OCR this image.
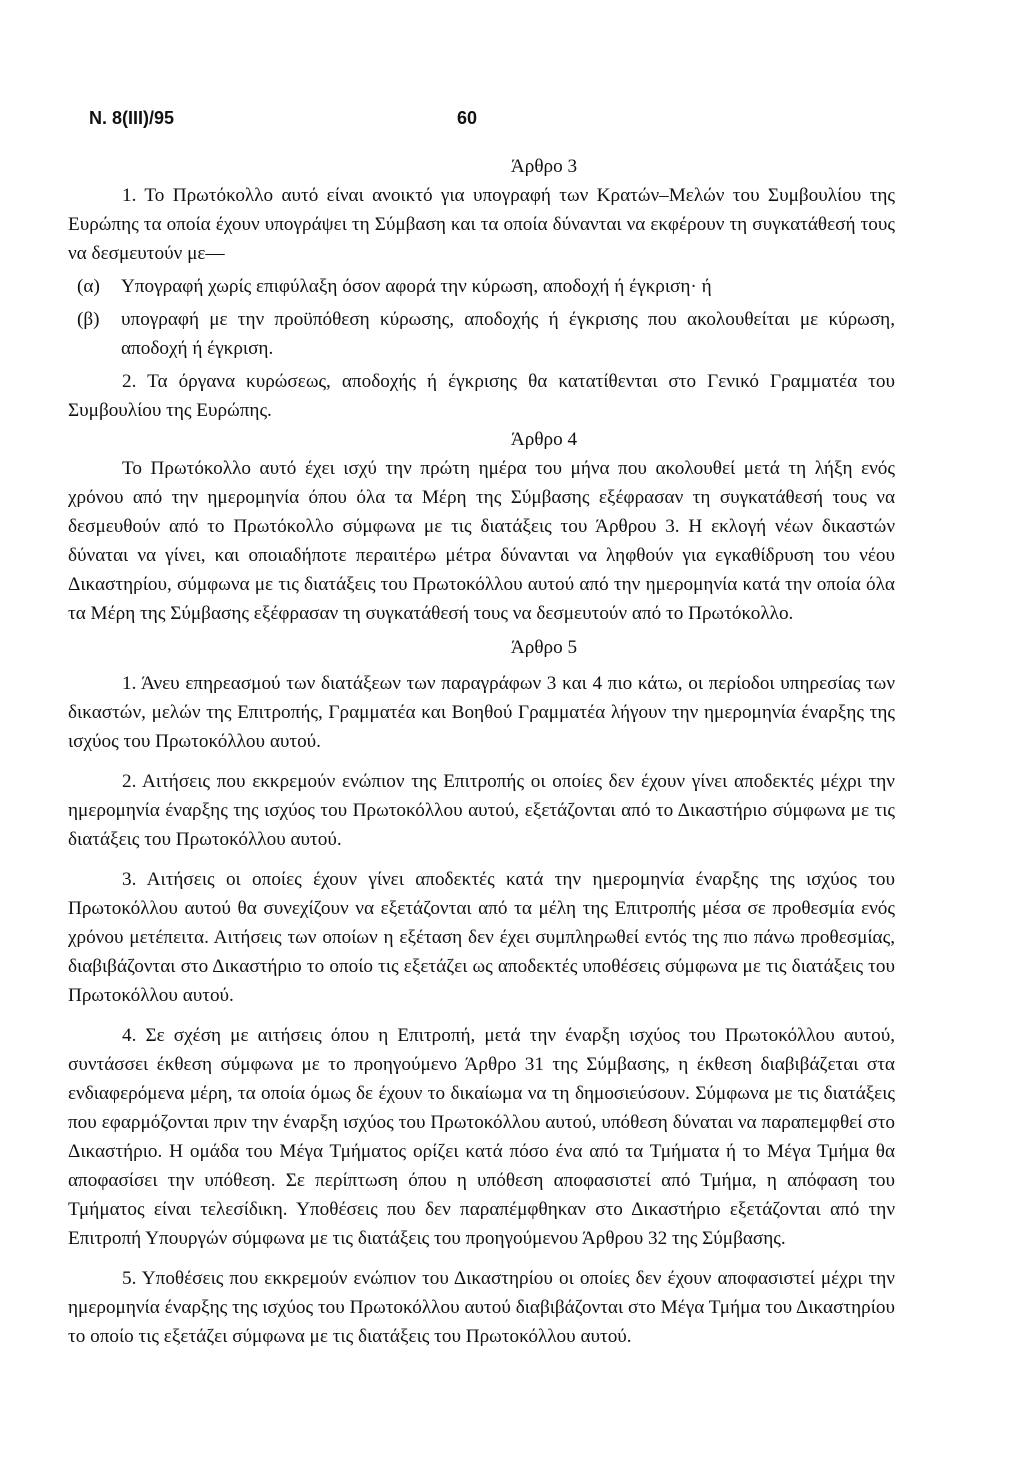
Ν. 8(ΙΙΙ)/95	60
Άρθρο 3

1. Το Πρωτόκολλο αυτό είναι ανοικτό για υπογραφή των Κρατών–Μελών του Συμβουλίου της Ευρώπης τα οποία έχουν υπογράψει τη Σύμβαση και τα οποία δύνανται να εκφέρουν τη συγκατάθεσή τους να δεσμευτούν με—

(α)	Υπογραφή χωρίς επιφύλαξη όσον αφορά την κύρωση, αποδοχή ή έγκριση· ή
(β)	υπογραφή με την προϋπόθεση κύρωσης, αποδοχής ή έγκρισης που ακολουθείται με κύρωση, αποδοχή ή έγκριση.

2. Τα όργανα κυρώσεως, αποδοχής ή έγκρισης θα κατατίθενται στο Γενικό Γραμματέα του Συμβουλίου της Ευρώπης.

Άρθρο 4

Το Πρωτόκολλο αυτό έχει ισχύ την πρώτη ημέρα του μήνα που ακολουθεί μετά τη λήξη ενός χρόνου από την ημερομηνία όπου όλα τα Μέρη της Σύμβασης εξέφρασαν τη συγκατάθεσή τους να δεσμευθούν από το Πρωτόκολλο σύμφωνα με τις διατάξεις του Άρθρου 3. Η εκλογή νέων δικαστών δύναται να γίνει, και οποιαδήποτε περαιτέρω μέτρα δύνανται να ληφθούν για εγκαθίδρυση του νέου Δικαστηρίου, σύμφωνα με τις διατάξεις του Πρωτοκόλλου αυτού από την ημερομηνία κατά την οποία όλα τα Μέρη της Σύμβασης εξέφρασαν τη συγκατάθεσή τους να δεσμευτούν από το Πρωτόκολλο.

Άρθρο 5

1. Άνευ επηρεασμού των διατάξεων των παραγράφων 3 και 4 πιο κάτω, οι περίοδοι υπηρεσίας των δικαστών, μελών της Επιτροπής, Γραμματέα και Βοηθού Γραμματέα λήγουν την ημερομηνία έναρξης της ισχύος του Πρωτοκόλλου αυτού.

2. Αιτήσεις που εκκρεμούν ενώπιον της Επιτροπής οι οποίες δεν έχουν γίνει αποδεκτές μέχρι την ημερομηνία έναρξης της ισχύος του Πρωτοκόλλου αυτού, εξετάζονται από το Δικαστήριο σύμφωνα με τις διατάξεις του Πρωτοκόλλου αυτού.

3. Αιτήσεις οι οποίες έχουν γίνει αποδεκτές κατά την ημερομηνία έναρξης της ισχύος του Πρωτοκόλλου αυτού θα συνεχίζουν να εξετάζονται από τα μέλη της Επιτροπής μέσα σε προθεσμία ενός χρόνου μετέπειτα. Αιτήσεις των οποίων η εξέταση δεν έχει συμπληρωθεί εντός της πιο πάνω προθεσμίας, διαβιβάζονται στο Δικαστήριο το οποίο τις εξετάζει ως αποδεκτές υποθέσεις σύμφωνα με τις διατάξεις του Πρωτοκόλλου αυτού.

4. Σε σχέση με αιτήσεις όπου η Επιτροπή, μετά την έναρξη ισχύος του Πρωτοκόλλου αυτού, συντάσσει έκθεση σύμφωνα με το προηγούμενο Άρθρο 31 της Σύμβασης, η έκθεση διαβιβάζεται στα ενδιαφερόμενα μέρη, τα οποία όμως δε έχουν το δικαίωμα να τη δημοσιεύσουν. Σύμφωνα με τις διατάξεις που εφαρμόζονται πριν την έναρξη ισχύος του Πρωτοκόλλου αυτού, υπόθεση δύναται να παραπεμφθεί στο Δικαστήριο. Η ομάδα του Μέγα Τμήματος ορίζει κατά πόσο ένα από τα Τμήματα ή το Μέγα Τμήμα θα αποφασίσει την υπόθεση. Σε περίπτωση όπου η υπόθεση αποφασιστεί από Τμήμα, η απόφαση του Τμήματος είναι τελεσίδικη. Υποθέσεις που δεν παραπέμφθηκαν στο Δικαστήριο εξετάζονται από την Επιτροπή Υπουργών σύμφωνα με τις διατάξεις του προηγούμενου Άρθρου 32 της Σύμβασης.

5. Υποθέσεις που εκκρεμούν ενώπιον του Δικαστηρίου οι οποίες δεν έχουν αποφασιστεί μέχρι την ημερομηνία έναρξης της ισχύος του Πρωτοκόλλου αυτού διαβιβάζονται στο Μέγα Τμήμα του Δικαστηρίου το οποίο τις εξετάζει σύμφωνα με τις διατάξεις του Πρωτοκόλλου αυτού.
